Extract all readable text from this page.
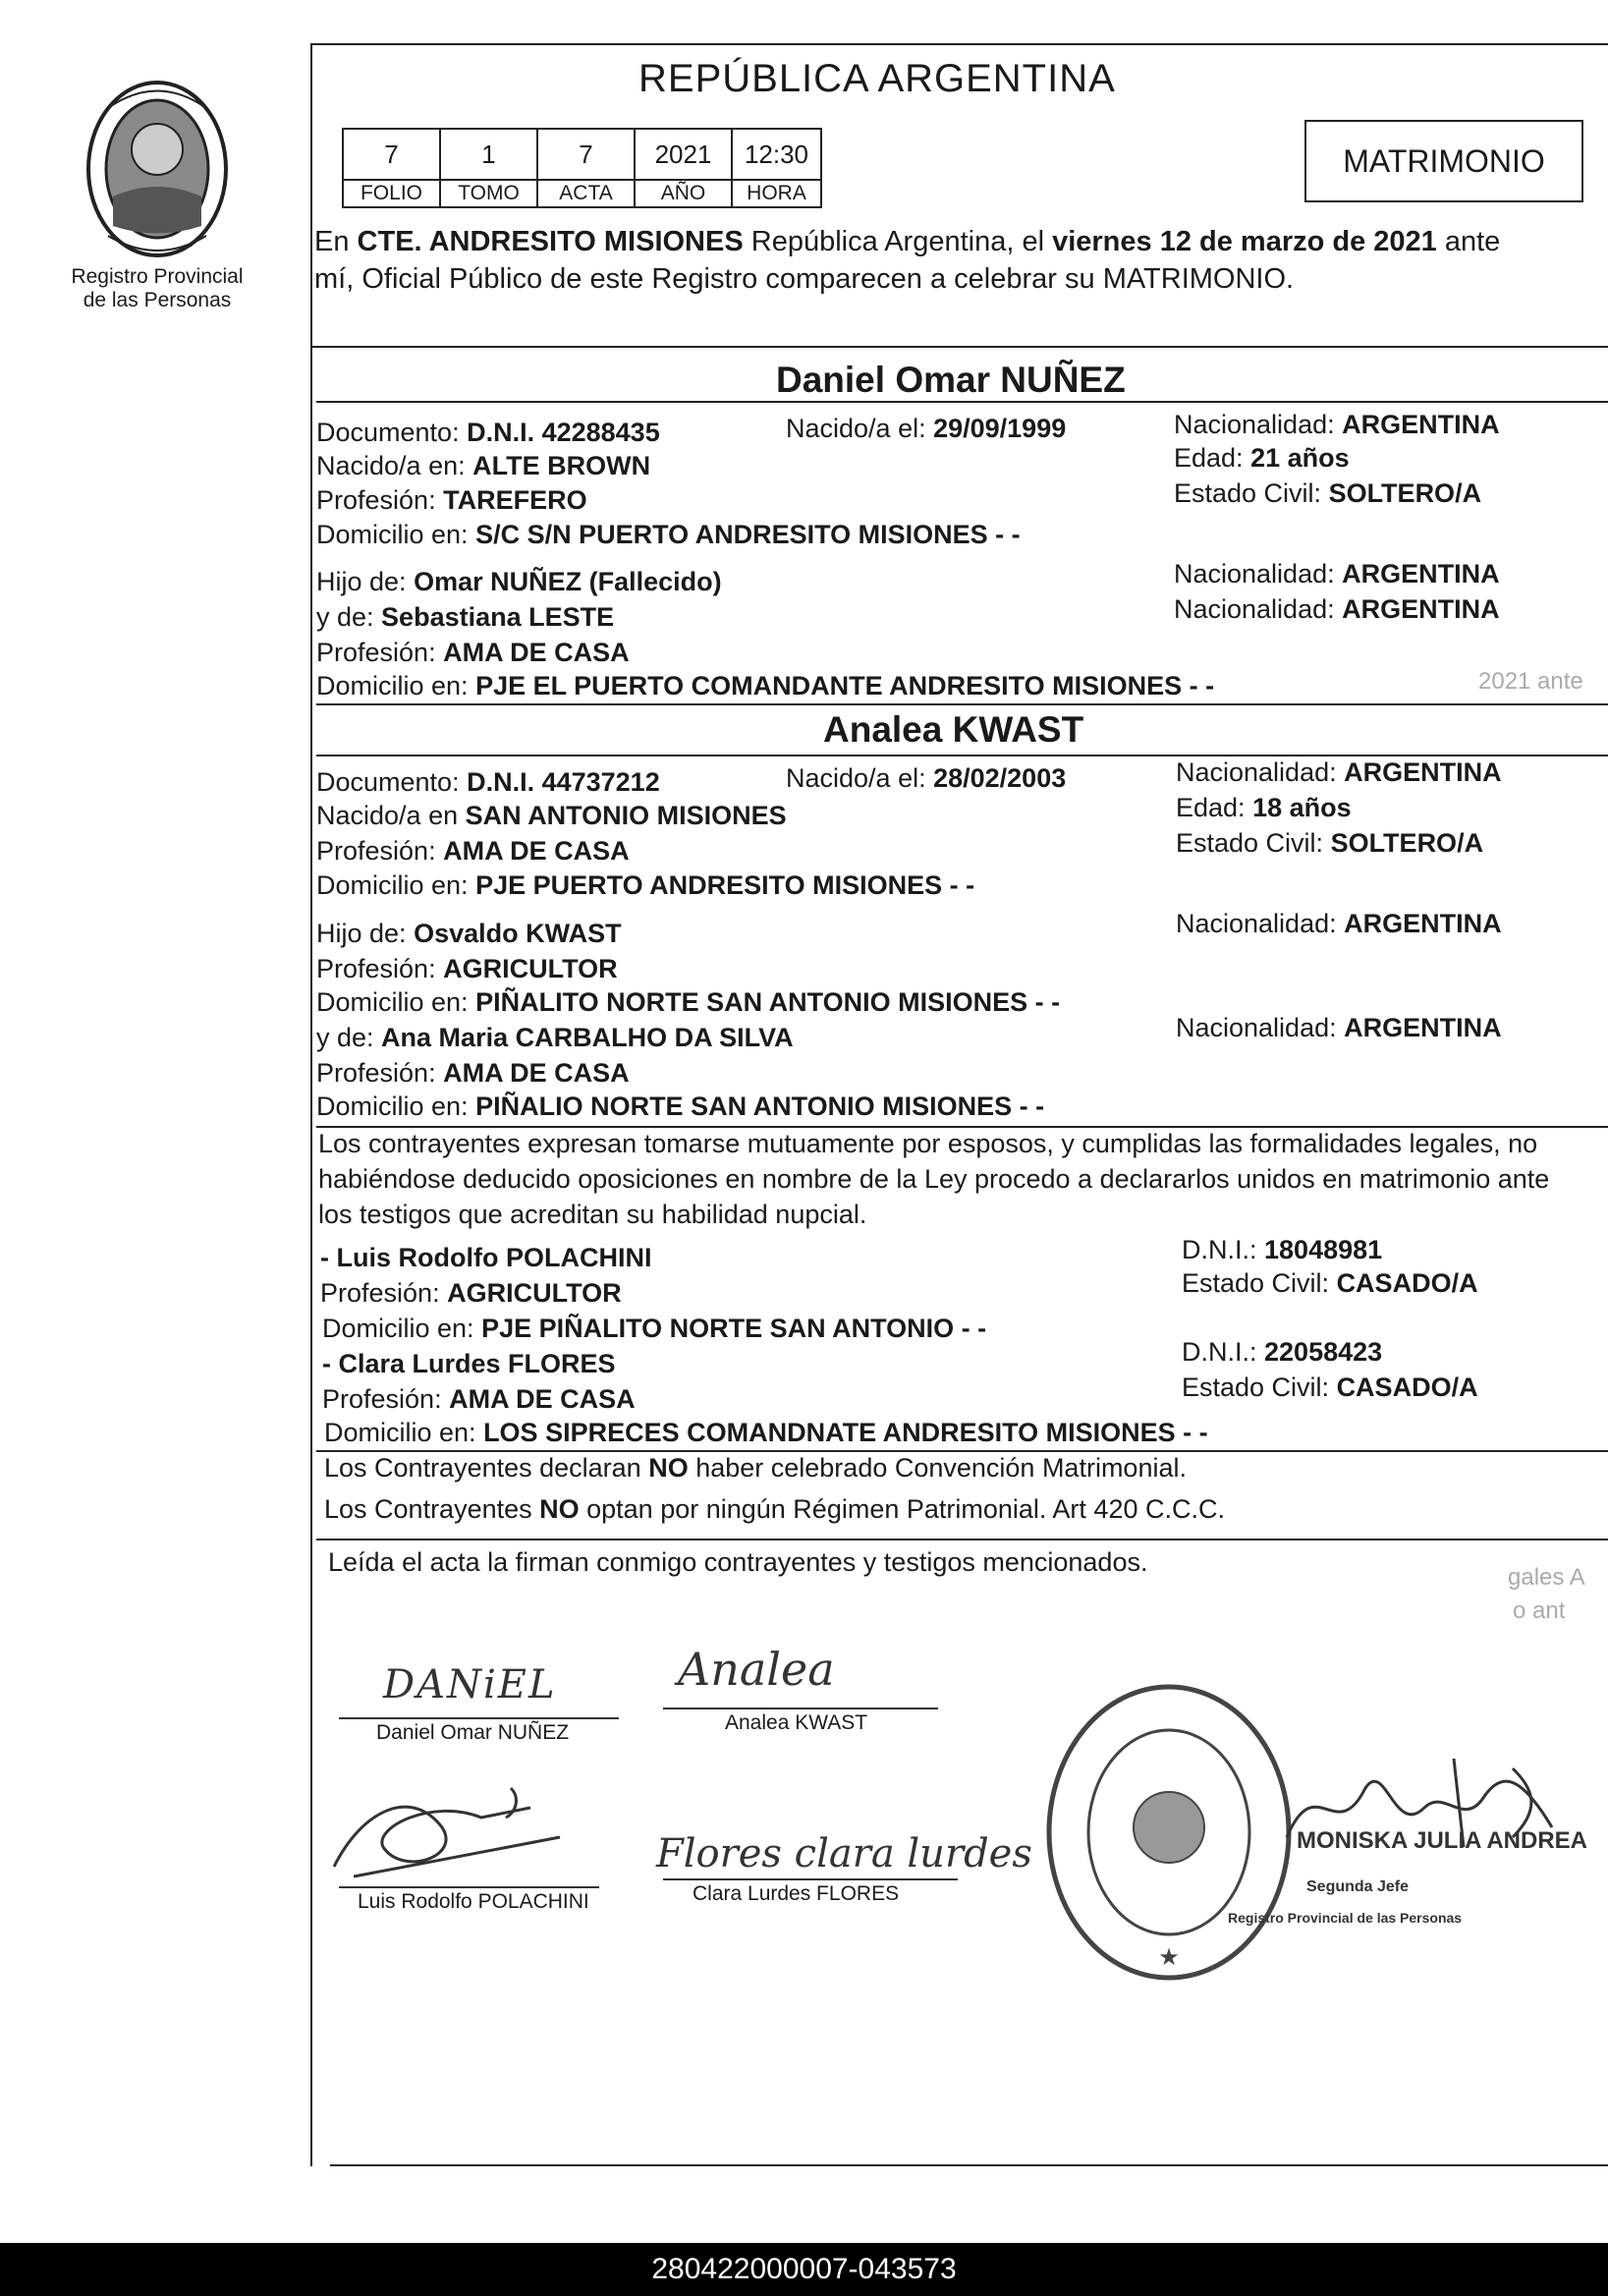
Registro Provincial
de las Personas
REPÚBLICA ARGENTINA
7	1	7	2021	12:30
FOLIO	TOMO	ACTA	AÑO	HORA
MATRIMONIO
En CTE. ANDRESITO MISIONES República Argentina, el viernes 12 de marzo de 2021 ante
mí, Oficial Público de este Registro comparecen a celebrar su MATRIMONIO.
Daniel Omar NUÑEZ
Documento: D.N.I. 42288435	Nacido/a el: 29/09/1999	Nacionalidad: ARGENTINA
Nacido/a en: ALTE BROWN	Edad: 21 años
Profesión: TAREFERO	Estado Civil: SOLTERO/A
Domicilio en: S/C S/N PUERTO ANDRESITO MISIONES - -
Hijo de: Omar NUÑEZ (Fallecido)	Nacionalidad: ARGENTINA
y de: Sebastiana LESTE	Nacionalidad: ARGENTINA
Profesión: AMA DE CASA
Domicilio en: PJE EL PUERTO COMANDANTE ANDRESITO MISIONES - -	2021 ante
Analea KWAST
Documento: D.N.I. 44737212	Nacido/a el: 28/02/2003	Nacionalidad: ARGENTINA
Nacido/a en SAN ANTONIO MISIONES	Edad: 18 años
Profesión: AMA DE CASA	Estado Civil: SOLTERO/A
Domicilio en: PJE PUERTO ANDRESITO MISIONES - -
Hijo de: Osvaldo KWAST	Nacionalidad: ARGENTINA
Profesión: AGRICULTOR
Domicilio en: PIÑALITO NORTE SAN ANTONIO MISIONES - -
y de: Ana Maria CARBALHO DA SILVA	Nacionalidad: ARGENTINA
Profesión: AMA DE CASA
Domicilio en: PIÑALIO NORTE SAN ANTONIO MISIONES - -
Los contrayentes expresan tomarse mutuamente por esposos, y cumplidas las formalidades legales, no
habiéndose deducido oposiciones en nombre de la Ley procedo a declararlos unidos en matrimonio ante
los testigos que acreditan su habilidad nupcial.
- Luis Rodolfo POLACHINI	D.N.I.: 18048981
Profesión: AGRICULTOR	Estado Civil: CASADO/A
Domicilio en: PJE PIÑALITO NORTE SAN ANTONIO - -
- Clara Lurdes FLORES	D.N.I.: 22058423
Profesión: AMA DE CASA	Estado Civil: CASADO/A
Domicilio en: LOS SIPRECES COMANDNATE ANDRESITO MISIONES - -
Los Contrayentes declaran NO haber celebrado Convención Matrimonial.
Los Contrayentes NO optan por ningún Régimen Patrimonial. Art 420 C.C.C.
Leída el acta la firman conmigo contrayentes y testigos mencionados.
gales A
o ant
DANiEL
Daniel Omar NUÑEZ
Analea
Analea KWAST
Luis Rodolfo POLACHINI
Flores clara lurdes
Clara Lurdes FLORES
★
MONISKA JULIA ANDREA
Segunda Jefe
Registro Provincial de las Personas
280422000007-043573
